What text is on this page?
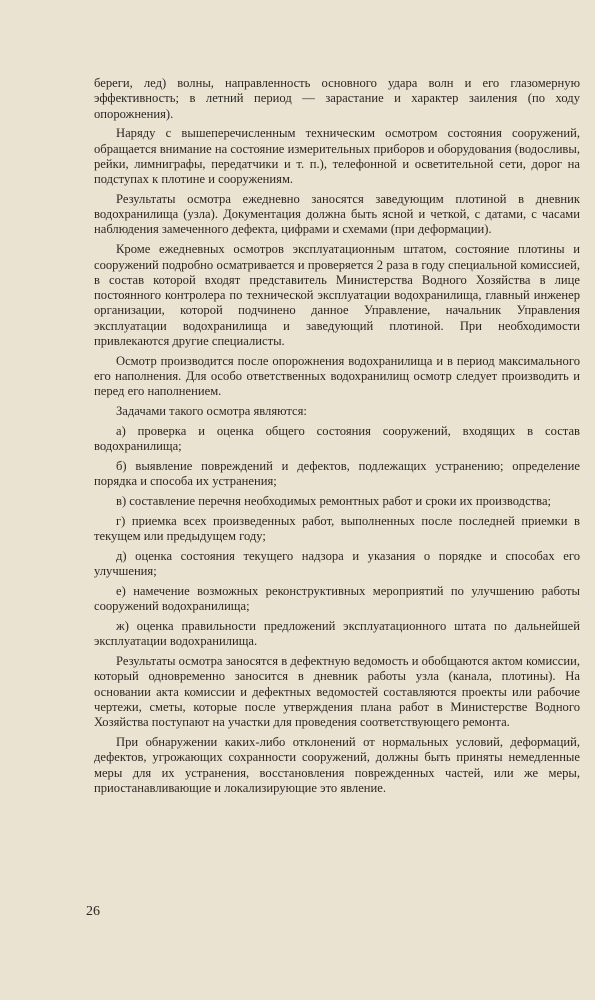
береги, лед) волны, направленность основного удара волн и его глазомерную эффективность; в летний период — зарастание и характер заиления (по ходу опорожнения).

Наряду с вышеперечисленным техническим осмотром состояния сооружений, обращается внимание на состояние измерительных приборов и оборудования (водосливы, рейки, лимниграфы, передатчики и т. п.), телефонной и осветительной сети, дорог на подступах к плотине и сооружениям.

Результаты осмотра ежедневно заносятся заведующим плотиной в дневник водохранилища (узла). Документация должна быть ясной и четкой, с датами, с часами наблюдения замеченного дефекта, цифрами и схемами (при деформации).

Кроме ежедневных осмотров эксплуатационным штатом, состояние плотины и сооружений подробно осматривается и проверяется 2 раза в году специальной комиссией, в состав которой входят представитель Министерства Водного Хозяйства в лице постоянного контролера по технической эксплуатации водохранилища, главный инженер организации, которой подчинено данное Управление, начальник Управления эксплуатации водохранилища и заведующий плотиной. При необходимости привлекаются другие специалисты.

Осмотр производится после опорожнения водохранилища и в период максимального его наполнения. Для особо ответственных водохранилищ осмотр следует производить и перед его наполнением.

Задачами такого осмотра являются:

а) проверка и оценка общего состояния сооружений, входящих в состав водохранилища;

б) выявление повреждений и дефектов, подлежащих устранению; определение порядка и способа их устранения;

в) составление перечня необходимых ремонтных работ и сроки их производства;

г) приемка всех произведенных работ, выполненных после последней приемки в текущем или предыдущем году;

д) оценка состояния текущего надзора и указания о порядке и способах его улучшения;

е) намечение возможных реконструктивных мероприятий по улучшению работы сооружений водохранилища;

ж) оценка правильности предложений эксплуатационного штата по дальнейшей эксплуатации водохранилища.

Результаты осмотра заносятся в дефектную ведомость и обобщаются актом комиссии, который одновременно заносится в дневник работы узла (канала, плотины). На основании акта комиссии и дефектных ведомостей составляются проекты или рабочие чертежи, сметы, которые после утверждения плана работ в Министерстве Водного Хозяйства поступают на участки для проведения соответствующего ремонта.

При обнаружении каких-либо отклонений от нормальных условий, деформаций, дефектов, угрожающих сохранности сооружений, должны быть приняты немедленные меры для их устранения, восстановления поврежденных частей, или же меры, приостанавливающие и локализирующие это явление.

26
